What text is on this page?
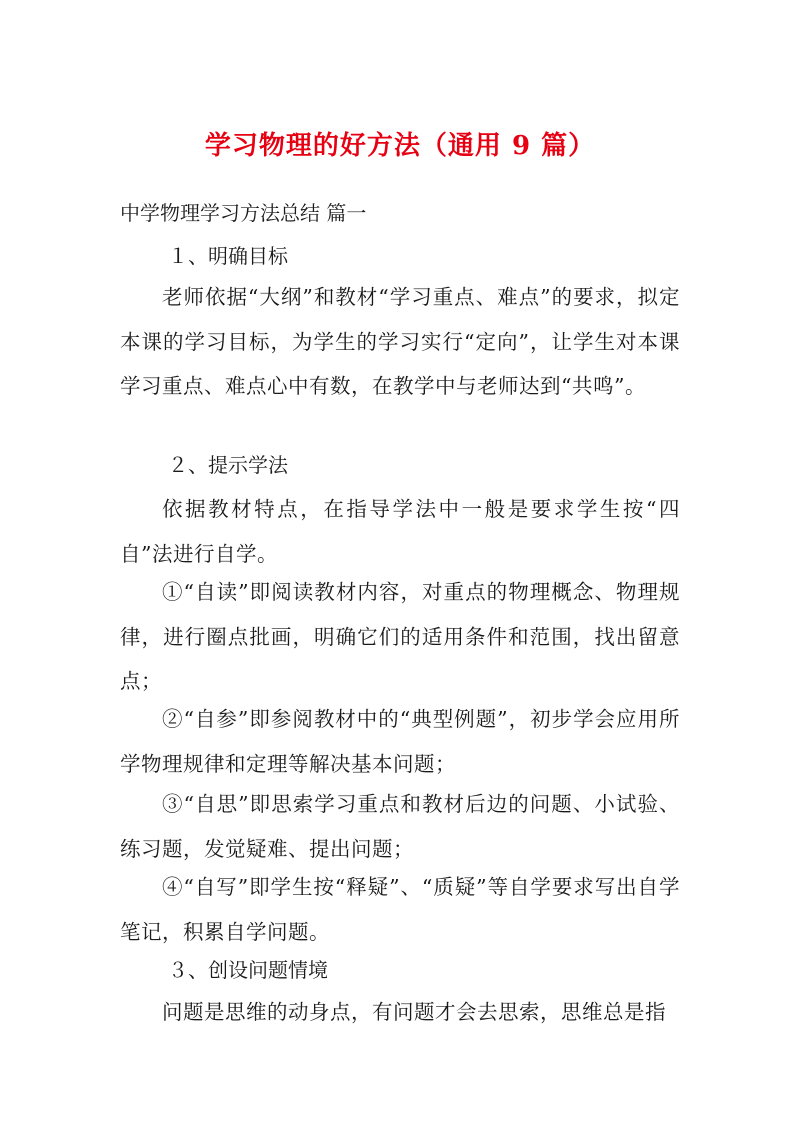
学习物理的好方法（通用 9 篇）
中学物理学习方法总结 篇一
１、明确目标
老师依据“大纲”和教材“学习重点、难点”的要求，拟定本课的学习目标，为学生的学习实行“定向”，让学生对本课学习重点、难点心中有数，在教学中与老师达到“共鸣”。
２、提示学法
依据教材特点，在指导学法中一般是要求学生按“四自”法进行自学。
①“自读”即阅读教材内容，对重点的物理概念、物理规律，进行圈点批画，明确它们的适用条件和范围，找出留意点；
②“自参”即参阅教材中的“典型例题”，初步学会应用所学物理规律和定理等解决基本问题；
③“自思”即思索学习重点和教材后边的问题、小试验、练习题，发觉疑难、提出问题；
④“自写”即学生按“释疑”、“质疑”等自学要求写出自学笔记，积累自学问题。
３、创设问题情境
问题是思维的动身点，有问题才会去思索，思维总是指
